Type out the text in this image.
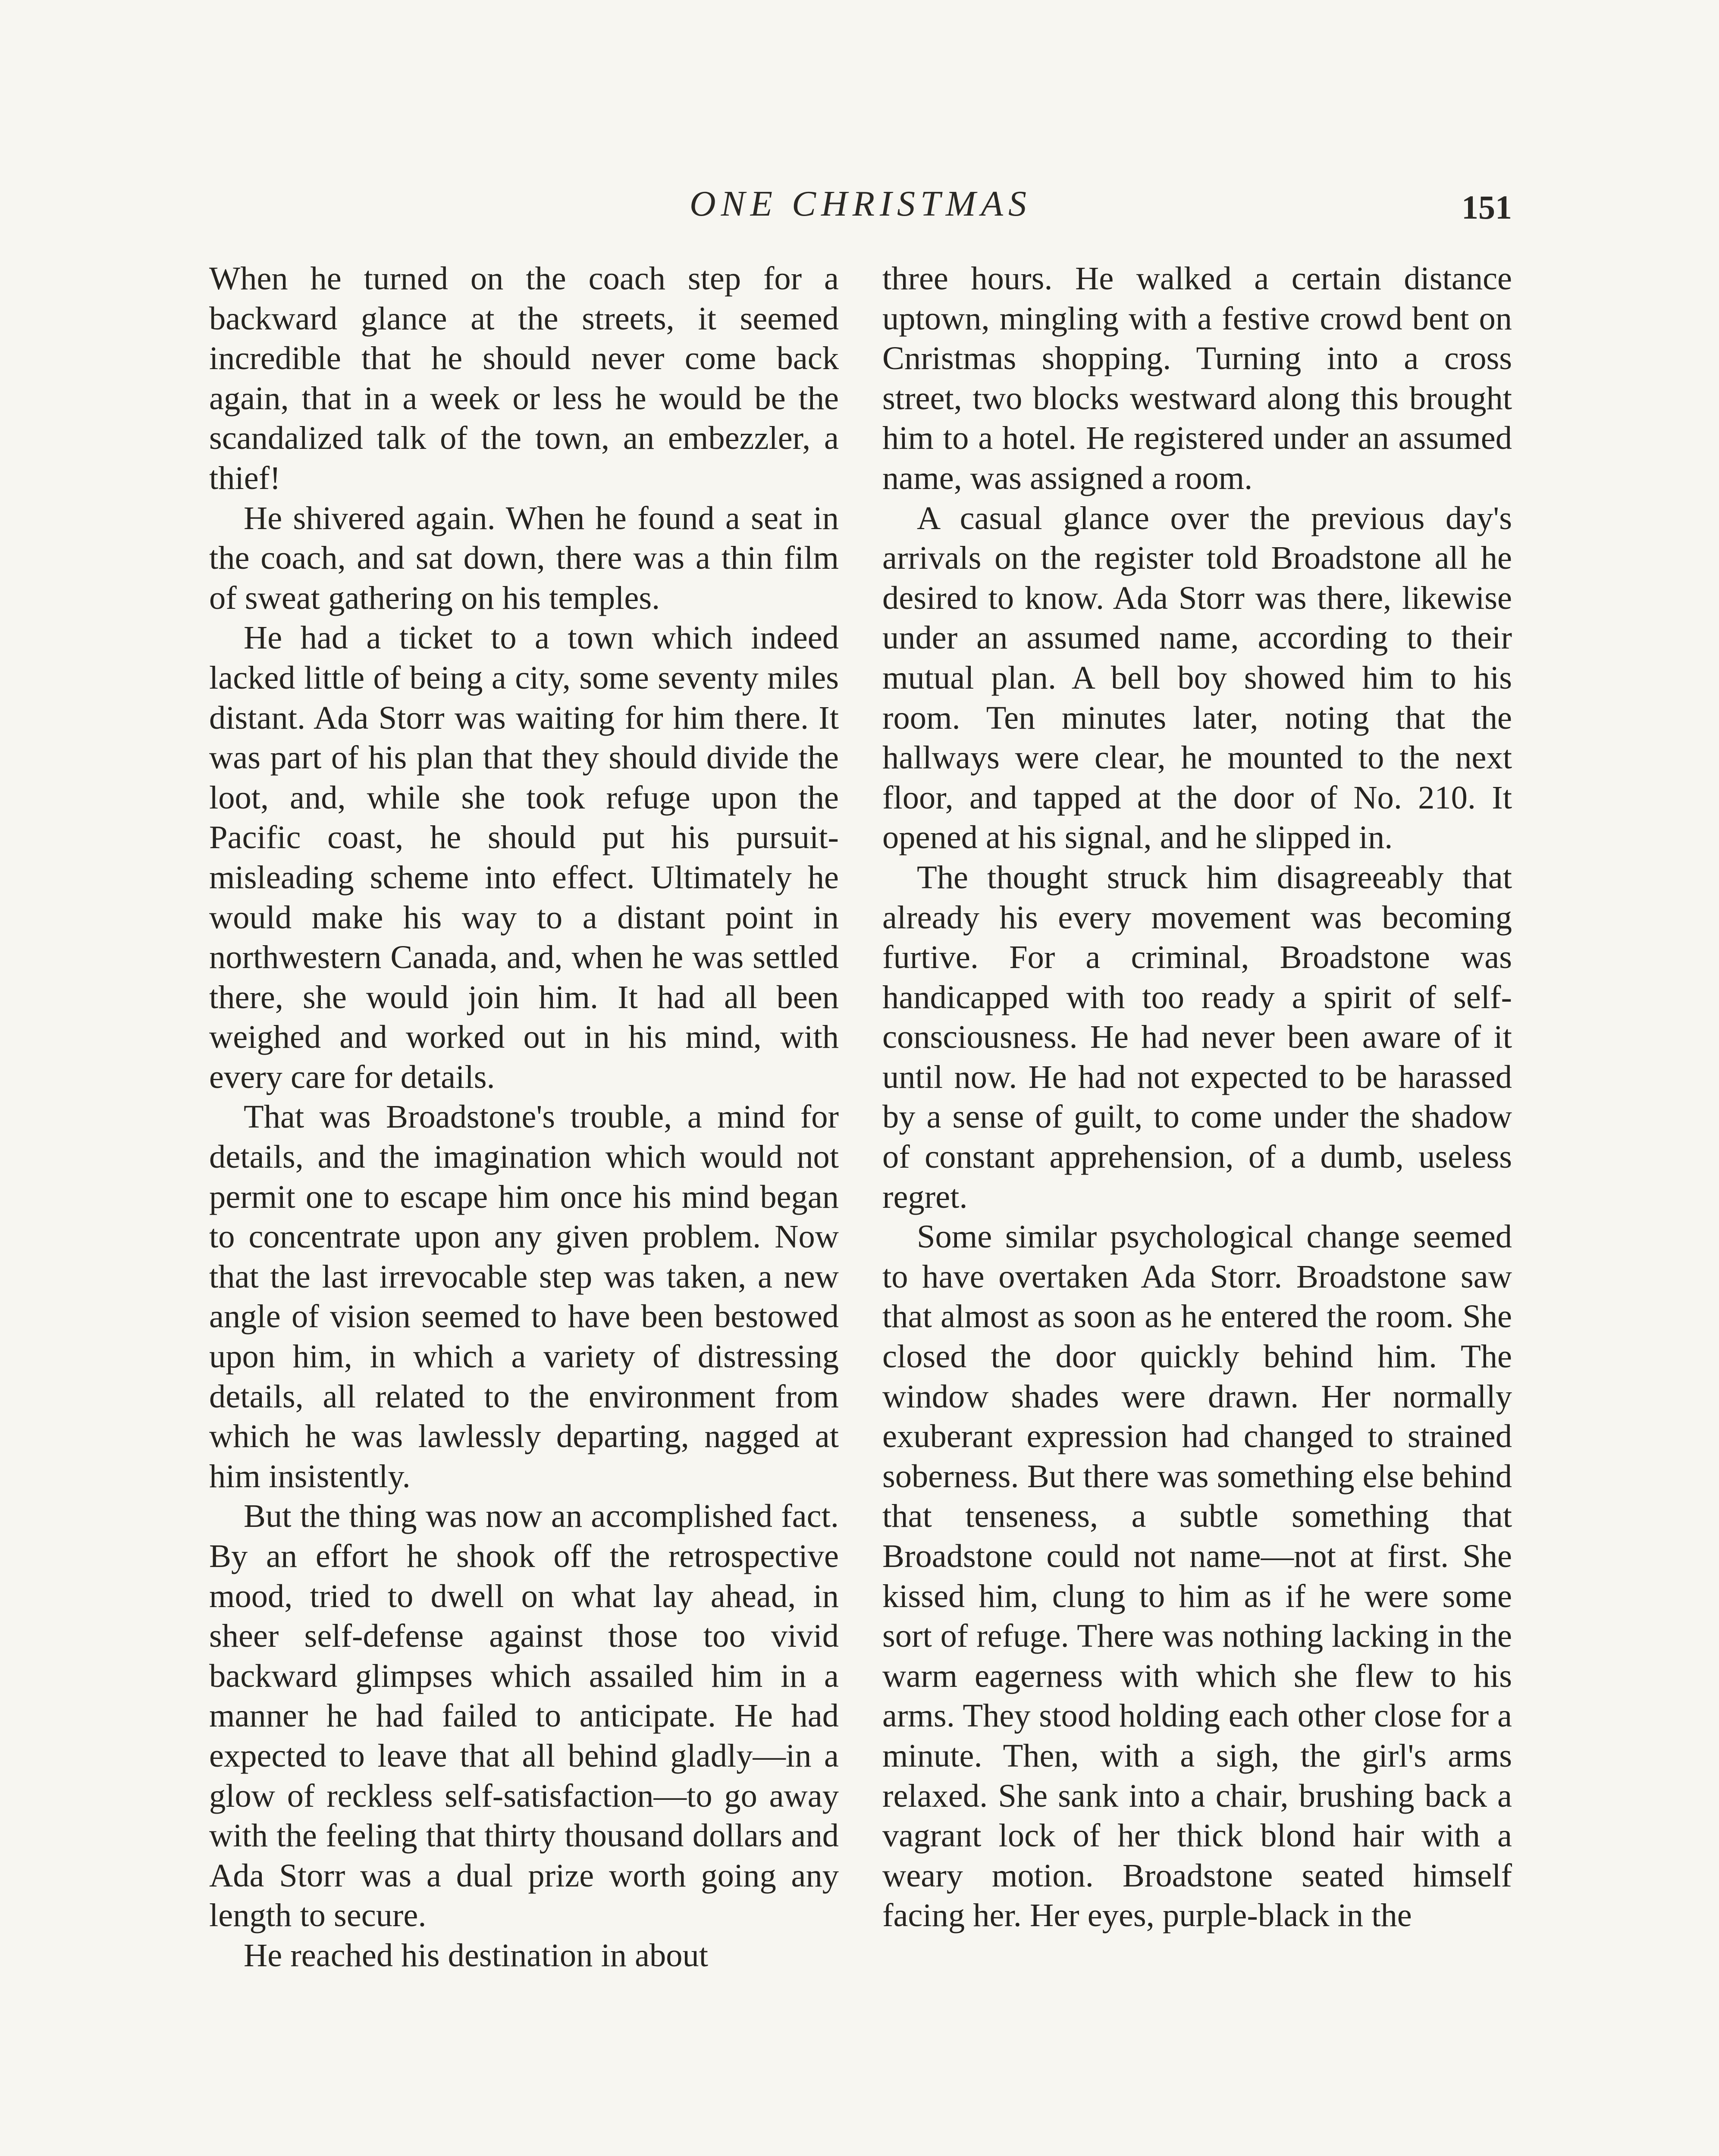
ONE CHRISTMAS	151

When he turned on the coach step for a backward glance at the streets, it seemed incredible that he should never come back again, that in a week or less he would be the scandalized talk of the town, an embezzler, a thief!

He shivered again. When he found a seat in the coach, and sat down, there was a thin film of sweat gathering on his temples.

He had a ticket to a town which indeed lacked little of being a city, some seventy miles distant. Ada Storr was waiting for him there. It was part of his plan that they should divide the loot, and, while she took refuge upon the Pacific coast, he should put his pursuit-misleading scheme into effect. Ultimately he would make his way to a distant point in northwestern Canada, and, when he was settled there, she would join him. It had all been weighed and worked out in his mind, with every care for details.

That was Broadstone's trouble, a mind for details, and the imagination which would not permit one to escape him once his mind began to concentrate upon any given problem. Now that the last irrevocable step was taken, a new angle of vision seemed to have been bestowed upon him, in which a variety of distressing details, all related to the environment from which he was lawlessly departing, nagged at him insistently.

But the thing was now an accomplished fact. By an effort he shook off the retrospective mood, tried to dwell on what lay ahead, in sheer self-defense against those too vivid backward glimpses which assailed him in a manner he had failed to anticipate. He had expected to leave that all behind gladly—in a glow of reckless self-satisfaction—to go away with the feeling that thirty thousand dollars and Ada Storr was a dual prize worth going any length to secure.

He reached his destination in about

three hours. He walked a certain distance uptown, mingling with a festive crowd bent on Cnristmas shopping. Turning into a cross street, two blocks westward along this brought him to a hotel. He registered under an assumed name, was assigned a room.

A casual glance over the previous day's arrivals on the register told Broadstone all he desired to know. Ada Storr was there, likewise under an assumed name, according to their mutual plan. A bell boy showed him to his room. Ten minutes later, noting that the hallways were clear, he mounted to the next floor, and tapped at the door of No. 210. It opened at his signal, and he slipped in.

The thought struck him disagreeably that already his every movement was becoming furtive. For a criminal, Broadstone was handicapped with too ready a spirit of self-consciousness. He had never been aware of it until now. He had not expected to be harassed by a sense of guilt, to come under the shadow of constant apprehension, of a dumb, useless regret.

Some similar psychological change seemed to have overtaken Ada Storr. Broadstone saw that almost as soon as he entered the room. She closed the door quickly behind him. The window shades were drawn. Her normally exuberant expression had changed to strained soberness. But there was something else behind that tenseness, a subtle something that Broadstone could not name—not at first. She kissed him, clung to him as if he were some sort of refuge. There was nothing lacking in the warm eagerness with which she flew to his arms. They stood holding each other close for a minute. Then, with a sigh, the girl's arms relaxed. She sank into a chair, brushing back a vagrant lock of her thick blond hair with a weary motion. Broadstone seated himself facing her. Her eyes, purple-black in the
